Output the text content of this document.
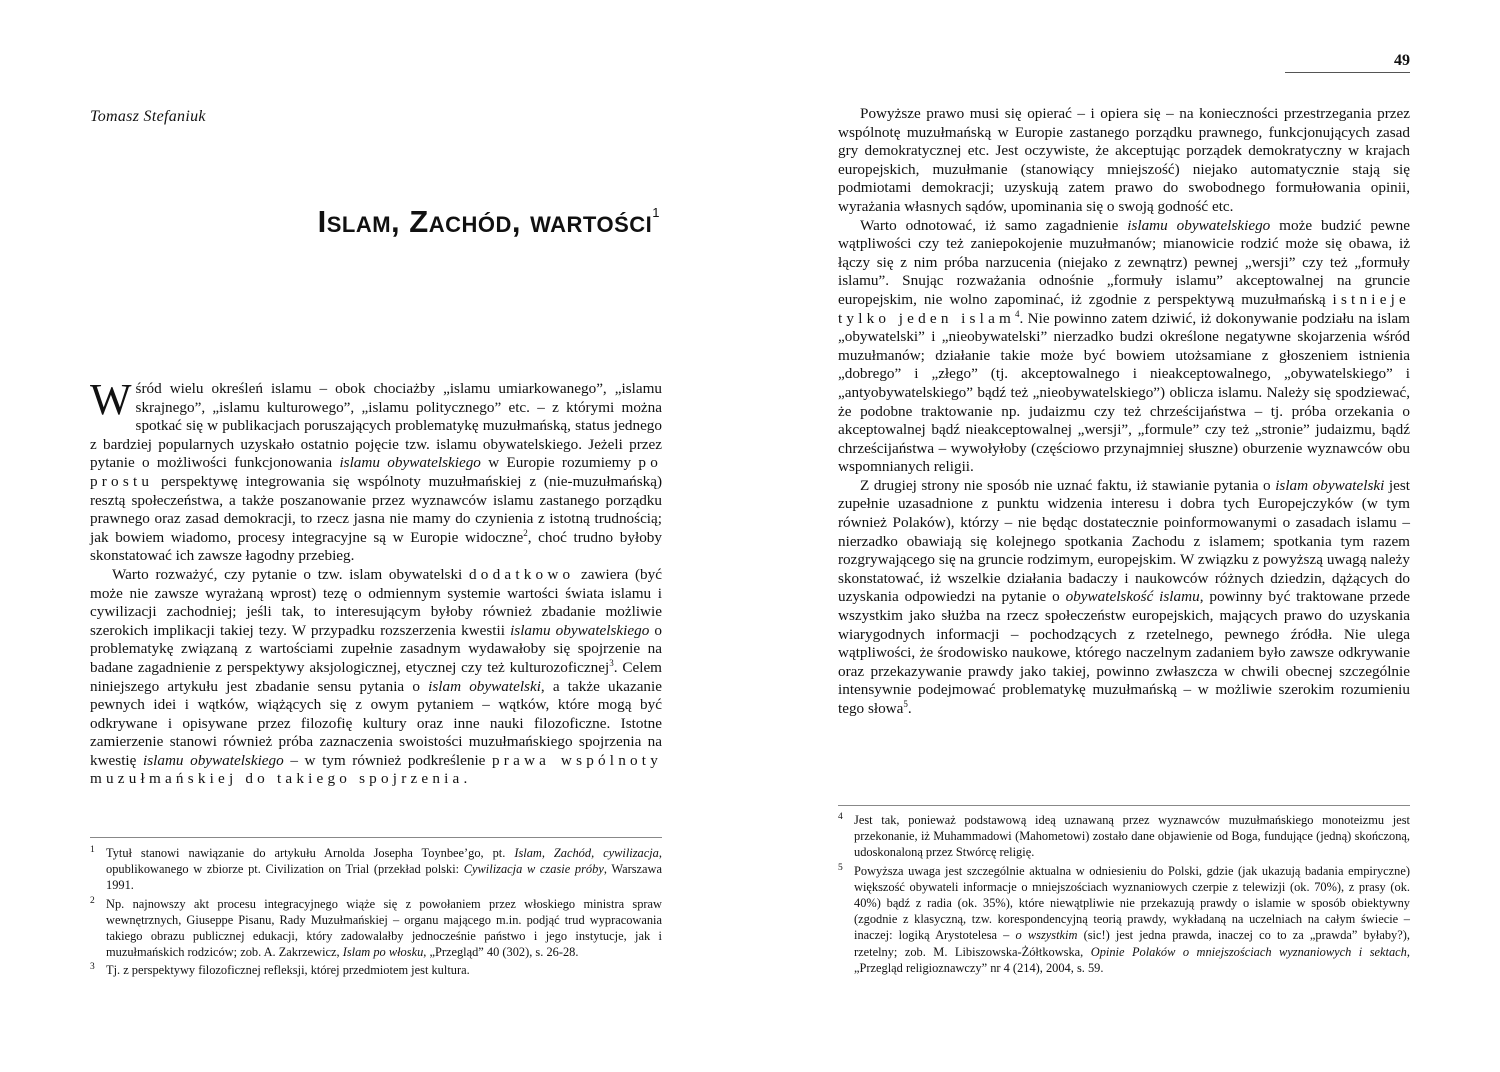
Tomasz Stefaniuk
Islam, Zachód, wartości$^1$

Wśród wielu określeń islamu – obok chociażby „islamu umiarkowanego”, „islamu skrajnego”, „islamu kulturowego”, „islamu politycznego” etc. – z którymi można spotkać się w publikacjach poruszających problematykę muzułmańską, status jednego z bardziej popularnych uzyskało ostatnio pojęcie tzw. islamu obywatelskiego. Jeżeli przez pytanie o możliwości funkcjonowania islamu obywatelskiego w Europie rozumiemy po prostu perspektywę integrowania się wspólnoty muzułmańskiej z (nie-muzułmańską) resztą społeczeństwa, a także poszanowanie przez wyznawców islamu zastanego porządku prawnego oraz zasad demokracji, to rzecz jasna nie mamy do czynienia z istotną trudnością; jak bowiem wiadomo, procesy integracyjne są w Europie widoczne$^2$, choć trudno byłoby skonstatować ich zawsze łagodny przebieg.

Warto rozważyć, czy pytanie o tzw. islam obywatelski dodatkowo zawiera (być może nie zawsze wyrażaną wprost) tezę o odmiennym systemie wartości świata islamu i cywilizacji zachodniej; jeśli tak, to interesującym byłoby również zbadanie możliwie szerokich implikacji takiej tezy. W przypadku rozszerzenia kwestii islamu obywatelskiego o problematykę związaną z wartościami zupełnie zasadnym wydawałoby się spojrzenie na badane zagadnienie z perspektywy aksjologicznej, etycznej czy też kulturozoficznej$^3$. Celem niniejszego artykułu jest zbadanie sensu pytania o islam obywatelski, a także ukazanie pewnych idei i wątków, wiążących się z owym pytaniem – wątków, które mogą być odkrywane i opisywane przez filozofię kultury oraz inne nauki filozoficzne. Istotne zamierzenie stanowi również próba zaznaczenia swoistości muzułmańskiego spojrzenia na kwestię islamu obywatelskiego – w tym również podkreślenie prawa wspólnoty muzułmańskiej do takiego spojrzenia.

1 Tytuł stanowi nawiązanie do artykułu Arnolda Josepha Toynbee’go, pt. Islam, Zachód, cywilizacja, opublikowanego w zbiorze pt. Civilization on Trial (przekład polski: Cywilizacja w czasie próby, Warszawa 1991.
2 Np. najnowszy akt procesu integracyjnego wiąże się z powołaniem przez włoskiego ministra spraw wewnętrznych, Giuseppe Pisanu, Rady Muzułmańskiej – organu mającego m.in. podjąć trud wypracowania takiego obrazu publicznej edukacji, który zadowalałby jednocześnie państwo i jego instytucje, jak i muzułmańskich rodziców; zob. A. Zakrzewicz, Islam po włosku, „Przegląd” 40 (302), s. 26-28.
3 Tj. z perspektywy filozoficznej refleksji, której przedmiotem jest kultura.
49

Powyższe prawo musi się opierać – i opiera się – na konieczności przestrzegania przez wspólnotę muzułmańską w Europie zastanego porządku prawnego, funkcjonujących zasad gry demokratycznej etc. Jest oczywiste, że akceptując porządek demokratyczny w krajach europejskich, muzułmanie (stanowiący mniejszość) niejako automatycznie stają się podmiotami demokracji; uzyskują zatem prawo do swobodnego formułowania opinii, wyrażania własnych sądów, upominania się o swoją godność etc.

Warto odnotować, iż samo zagadnienie islamu obywatelskiego może budzić pewne wątpliwości czy też zaniepokojenie muzułmanów; mianowicie rodzić może się obawa, iż łączy się z nim próba narzucenia (niejako z zewnątrz) pewnej „wersji” czy też „formuły islamu”. Snując rozważania odnośnie „formuły islamu” akceptowalnej na gruncie europejskim, nie wolno zapominać, iż zgodnie z perspektywą muzułmańską istnieje tylko jeden islam$^4$. Nie powinno zatem dziwić, iż dokonywanie podziału na islam „obywatelski” i „nieobywatelski” nierzadko budzi określone negatywne skojarzenia wśród muzułmanów; działanie takie może być bowiem utożsamiane z głoszeniem istnienia „dobrego” i „złego” (tj. akceptowalnego i nieakceptowalnego, „obywatelskiego” i „antyobywatelskiego” bądź też „nieobywatelskiego”) oblicza islamu. Należy się spodziewać, że podobne traktowanie np. judaizmu czy też chrześcijaństwa – tj. próba orzekania o akceptowalnej bądź nieakceptowalnej „wersji”, „formule” czy też „stronie” judaizmu, bądź chrześcijaństwa – wywołyłoby (częściowo przynajmniej słuszne) oburzenie wyznawców obu wspomnianych religii.

Z drugiej strony nie sposób nie uznać faktu, iż stawianie pytania o islam obywatelski jest zupełnie uzasadnione z punktu widzenia interesu i dobra tych Europejczyków (w tym również Polaków), którzy – nie będąc dostatecznie poinformowanymi o zasadach islamu – nierzadko obawiają się kolejnego spotkania Zachodu z islamem; spotkania tym razem rozgrywającego się na gruncie rodzimym, europejskim. W związku z powyższą uwagą należy skonstatować, iż wszelkie działania badaczy i naukowców różnych dziedzin, dążących do uzyskania odpowiedzi na pytanie o obywatelskość islamu, powinny być traktowane przede wszystkim jako służba na rzecz społeczeństw europejskich, mających prawo do uzyskania wiarygodnych informacji – pochodzących z rzetelnego, pewnego źródła. Nie ulega wątpliwości, że środowisko naukowe, którego naczelnym zadaniem było zawsze odkrywanie oraz przekazywanie prawdy jako takiej, powinno zwłaszcza w chwili obecnej szczególnie intensywnie podejmować problematykę muzułmańską – w możliwie szerokim rozumieniu tego słowa$^5$.

4 Jest tak, ponieważ podstawową ideą uznawaną przez wyznawców muzułmańskiego monoteizmu jest przekonanie, iż Muhammadowi (Mahometowi) zostało dane objawienie od Boga, fundujące (jedną) skończoną, udoskonaloną przez Stwórcę religię.
5 Powyższa uwaga jest szczególnie aktualna w odniesieniu do Polski, gdzie (jak ukazują badania empiryczne) większość obywateli informacje o mniejszościach wyznaniowych czerpie z telewizji (ok. 70%), z prasy (ok. 40%) bądź z radia (ok. 35%), które niewątpliwie nie przekazują prawdy o islamie w sposób obiektywny (zgodnie z klasyczną, tzw. korespondencyjną teorią prawdy, wykładaną na uczelniach na całym świecie – inaczej: logiką Arystotelesa – o wszystkim (sic!) jest jedna prawda, inaczej co to za „prawda” byłaby?), rzetelny; zob. M. Libiszowska-Żółtkowska, Opinie Polaków o mniejszościach wyznaniowych i sektach, „Przegląd religioznawczy” nr 4 (214), 2004, s. 59.
